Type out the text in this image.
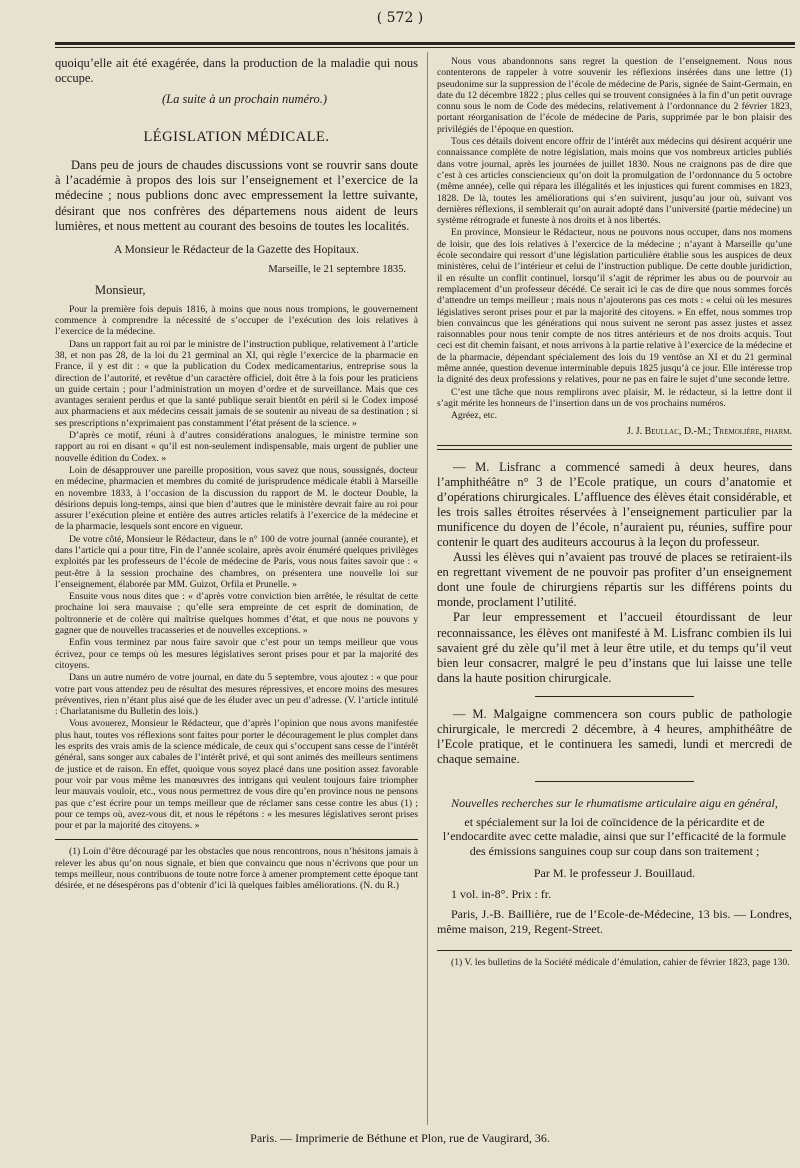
( 572 )

quoiqu’elle ait été exagérée, dans la production de la maladie qui nous occupe.

(La suite à un prochain numéro.)

LÉGISLATION MÉDICALE.

Dans peu de jours de chaudes discussions vont se rouvrir sans doute à l’académie à propos des lois sur l’enseignement et l’exercice de la médecine ; nous publions donc avec empressement la lettre suivante, désirant que nos confrères des départemens nous aident de leurs lumières, et nous mettent au courant des besoins de toutes les localités.

A Monsieur le Rédacteur de la Gazette des Hopitaux.
Marseille, le 21 septembre 1835.
Monsieur,

Pour la première fois depuis 1816, à moins que nous nous trompions, le gouvernement commence à comprendre la nécessité de s’occuper de l’exécution des lois relatives à l’exercice de la médecine.

Dans un rapport fait au roi par le ministre de l’instruction publique, relativement à l’article 38, et non pas 28, de la loi du 21 germinal an XI, qui règle l’exercice de la pharmacie en France, il y est dit : « que la publication du Codex medicamentarius, entreprise sous la direction de l’autorité, et revêtue d’un caractère officiel, doit être à la fois pour les praticiens un guide certain ; pour l’administration un moyen d’ordre et de surveillance. Mais que ces avantages seraient perdus et que la santé publique serait bientôt en péril si le Codex imposé aux pharmaciens et aux médecins cessait jamais de se soutenir au niveau de sa destination ; si ses prescriptions n’exprimaient pas constamment l’état présent de la science. »

D’après ce motif, réuni à d’autres considérations analogues, le ministre termine son rapport au roi en disant « qu’il est non-seulement indispensable, mais urgent de publier une nouvelle édition du Codex. »

Loin de désapprouver une pareille proposition, vous savez que nous, soussignés, docteur en médecine, pharmacien et membres du comité de jurisprudence médicale établi à Marseille en novembre 1833, à l’occasion de la discussion du rapport de M. le docteur Double, la désirions depuis long-temps, ainsi que bien d’autres que le ministère devrait faire au roi pour assurer l’exécution pleine et entière des autres articles relatifs à l’exercice de la médecine et de la pharmacie, lesquels sont encore en vigueur.

De votre côté, Monsieur le Rédacteur, dans le n° 100 de votre journal (année courante), et dans l’article qui a pour titre, Fin de l’année scolaire, après avoir énuméré quelques privilèges exploités par les professeurs de l’école de médecine de Paris, vous nous faites savoir que : « peut-être à la session prochaine des chambres, on présentera une nouvelle loi sur l’enseignement, élaborée par MM. Guizot, Orfila et Prunelle. »

Ensuite vous nous dites que : « d’après votre conviction bien arrêtée, le résultat de cette prochaine loi sera mauvaise ; qu’elle sera empreinte de cet esprit de domination, de poltronnerie et de colère qui maîtrise quelques hommes d’état, et que nous ne pouvons y gagner que de nouvelles tracasseries et de nouvelles exceptions. »

Enfin vous terminez par nous faire savoir que c’est pour un temps meilleur que vous écrivez, pour ce temps où les mesures législatives seront prises pour et par la majorité des citoyens.

Dans un autre numéro de votre journal, en date du 5 septembre, vous ajoutez : « que pour votre part vous attendez peu de résultat des mesures répressives, et encore moins des mesures préventives, rien n’étant plus aisé que de les éluder avec un peu d’adresse. (V. l’article intitulé : Charlatanisme du Bulletin des lois.)

Vous avouerez, Monsieur le Rédacteur, que d’après l’opinion que nous avons manifestée plus haut, toutes vos réflexions sont faites pour porter le découragement le plus complet dans les esprits des vrais amis de la science médicale, de ceux qui s’occupent sans cesse de l’intérêt général, sans songer aux cabales de l’intérêt privé, et qui sont animés des meilleurs sentimens de justice et de raison. En effet, quoique vous soyez placé dans une position assez favorable pour voir par vous même les manœuvres des intrigans qui veulent toujours faire triompher leur mauvais vouloir, etc., vous nous permettrez de vous dire qu’en province nous ne pensons pas que c’est écrire pour un temps meilleur que de réclamer sans cesse contre les abus (1) ; pour ce temps où, avez-vous dit, et nous le répétons : « les mesures législatives seront prises pour et par la majorité des citoyens. »

(1) Loin d’être découragé par les obstacles que nous rencontrons, nous n’hésitons jamais à relever les abus qu’on nous signale, et bien que convaincu que nous n’écrivons que pour un temps meilleur, nous contribuons de toute notre force à amener promptement cette époque tant désirée, et ne désespérons pas d’obtenir d’ici là quelques faibles améliorations. (N. du R.)

Nous vous abandonnons sans regret la question de l’enseignement. Nous nous contenterons de rappeler à votre souvenir les réflexions insérées dans une lettre (1) pseudonime sur la suppression de l’école de médecine de Paris, signée de Saint-Germain, en date du 12 décembre 1822 ; plus celles qui se trouvent consignées à la fin d’un petit ouvrage connu sous le nom de Code des médecins, relativement à l’ordonnance du 2 février 1823, portant réorganisation de l’école de médecine de Paris, supprimée par le bon plaisir des privilégiés de l’époque en question.

Tous ces détails doivent encore offrir de l’intérêt aux médecins qui désirent acquérir une connaissance complète de notre législation, mais moins que vos nombreux articles publiés dans votre journal, après les journées de juillet 1830. Nous ne craignons pas de dire que c’est à ces articles consciencieux qu’on doit la promulgation de l’ordonnance du 5 octobre (même année), celle qui répara les illégalités et les injustices qui furent commises en 1823, 1828. De là, toutes les améliorations qui s’en suivirent, jusqu’au jour où, suivant vos dernières réflexions, il semblerait qu’on aurait adopté dans l’université (partie médecine) un système rétrograde et funeste à nos droits et à nos libertés.

En province, Monsieur le Rédacteur, nous ne pouvons nous occuper, dans nos momens de loisir, que des lois relatives à l’exercice de la médecine ; n’ayant à Marseille qu’une école secondaire qui ressort d’une législation particulière établie sous les auspices de deux ministères, celui de l’intérieur et celui de l’instruction publique. De cette double juridiction, il en résulte un conflit continuel, lorsqu’il s’agit de réprimer les abus ou de pourvoir au remplacement d’un professeur décédé. Ce serait ici le cas de dire que nous sommes forcés d’attendre un temps meilleur ; mais nous n’ajouterons pas ces mots : « celui où les mesures législatives seront prises pour et par la majorité des citoyens. » En effet, nous sommes trop bien convaincus que les générations qui nous suivent ne seront pas assez justes et assez raisonnables pour nous tenir compte de nos titres antérieurs et de nos droits acquis. Tout ceci est dit chemin faisant, et nous arrivons à la partie relative à l’exercice de la médecine et de la pharmacie, dépendant spécialement des lois du 19 ventôse an XI et du 21 germinal même année, question devenue interminable depuis 1825 jusqu’à ce jour. Elle intéresse trop la dignité des deux professions y relatives, pour ne pas en faire le sujet d’une seconde lettre.

C’est une tâche que nous remplirons avec plaisir, M. le rédacteur, si la lettre dont il s’agit mérite les honneurs de l’insertion dans un de vos prochains numéros.

Agréez, etc.

J. J. Beullac, D.-M.; Tremolière, pharm.

— M. Lisfranc a commencé samedi à deux heures, dans l’amphithéâtre n° 3 de l’Ecole pratique, un cours d’anatomie et d’opérations chirurgicales. L’affluence des élèves était considérable, et les trois salles étroites réservées à l’enseignement particulier par la munificence du doyen de l’école, n’auraient pu, réunies, suffire pour contenir le quart des auditeurs accourus à la leçon du professeur.

Aussi les élèves qui n’avaient pas trouvé de places se retiraient-ils en regrettant vivement de ne pouvoir pas profiter d’un enseignement dont une foule de chirurgiens répartis sur les différens points du monde, proclament l’utilité.

Par leur empressement et l’accueil étourdissant de leur reconnaissance, les élèves ont manifesté à M. Lisfranc combien ils lui savaient gré du zèle qu’il met à leur être utile, et du temps qu’il veut bien leur consacrer, malgré le peu d’instans que lui laisse une telle dans la haute position chirurgicale.

— M. Malgaigne commencera son cours public de pathologie chirurgicale, le mercredi 2 décembre, à 4 heures, amphithéâtre de l’Ecole pratique, et le continuera les samedi, lundi et mercredi de chaque semaine.

Nouvelles recherches sur le rhumatisme articulaire aigu en général,

et spécialement sur la loi de coïncidence de la péricardite et de l’endocardite avec cette maladie, ainsi que sur l’efficacité de la formule des émissions sanguines coup sur coup dans son traitement ;

Par M. le professeur J. Bouillaud.

1 vol. in-8°. Prix : fr.

Paris, J.-B. Baillière, rue de l’Ecole-de-Médecine, 13 bis. — Londres, même maison, 219, Regent-Street.

(1) V. les bulletins de la Société médicale d’émulation, cahier de février 1823, page 130.

Paris. — Imprimerie de Béthune et Plon, rue de Vaugirard, 36.
